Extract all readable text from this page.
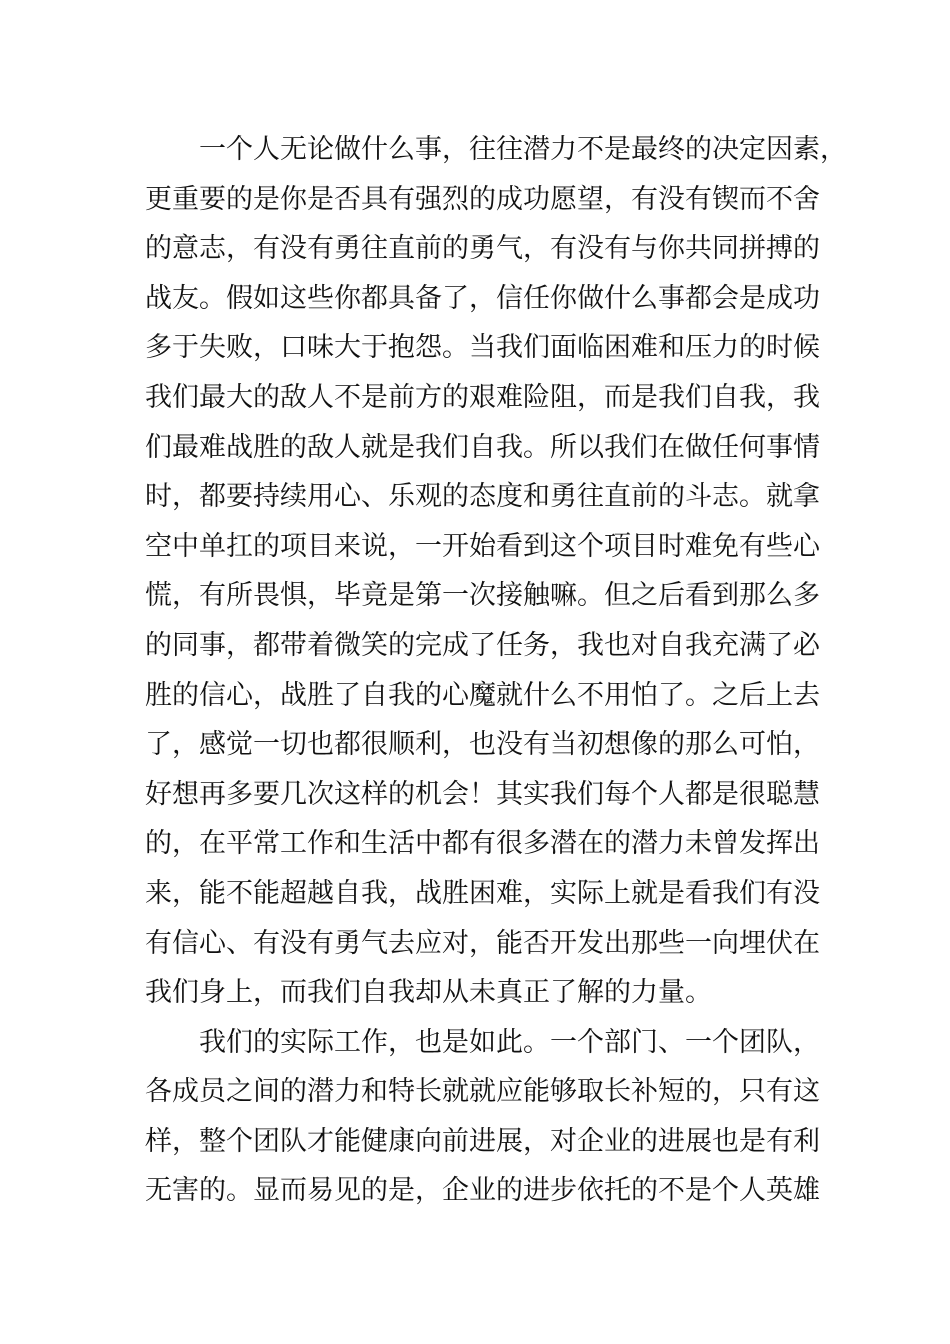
一个人无论做什么事，往往潜力不是最终的决定因素，
更重要的是你是否具有强烈的成功愿望，有没有锲而不舍
的意志，有没有勇往直前的勇气，有没有与你共同拼搏的
战友。假如这些你都具备了，信任你做什么事都会是成功
多于失败，口味大于抱怨。当我们面临困难和压力的时候
我们最大的敌人不是前方的艰难险阻，而是我们自我，我
们最难战胜的敌人就是我们自我。所以我们在做任何事情
时，都要持续用心、乐观的态度和勇往直前的斗志。就拿
空中单扛的项目来说，一开始看到这个项目时难免有些心
慌，有所畏惧，毕竟是第一次接触嘛。但之后看到那么多
的同事，都带着微笑的完成了任务，我也对自我充满了必
胜的信心，战胜了自我的心魔就什么不用怕了。之后上去
了，感觉一切也都很顺利，也没有当初想像的那么可怕，
好想再多要几次这样的机会！其实我们每个人都是很聪慧
的，在平常工作和生活中都有很多潜在的潜力未曾发挥出
来，能不能超越自我，战胜困难，实际上就是看我们有没
有信心、有没有勇气去应对，能否开发出那些一向埋伏在
我们身上，而我们自我却从未真正了解的力量。
我们的实际工作，也是如此。一个部门、一个团队，
各成员之间的潜力和特长就就应能够取长补短的，只有这
样，整个团队才能健康向前进展，对企业的进展也是有利
无害的。显而易见的是，企业的进步依托的不是个人英雄
